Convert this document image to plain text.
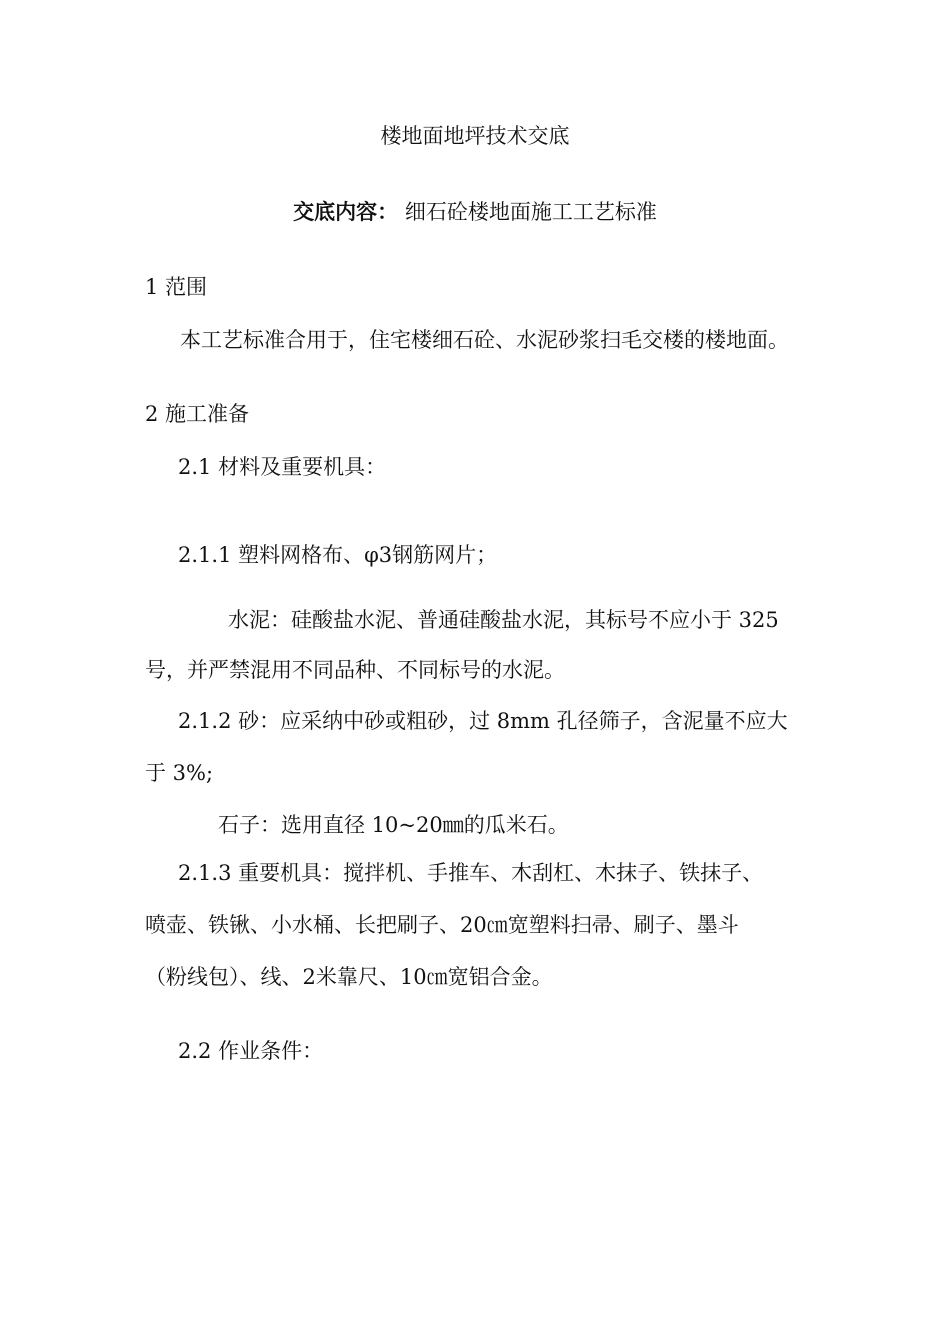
楼地面地坪技术交底
交底内容： 细石砼楼地面施工工艺标准
1 范围
本工艺标准合用于，住宅楼细石砼、水泥砂浆扫毛交楼的楼地面。
2 施工准备
2.1 材料及重要机具：
2.1.1 塑料网格布、φ3钢筋网片；
水泥：硅酸盐水泥、普通硅酸盐水泥，其标号不应小于 325
号，并严禁混用不同品种、不同标号的水泥。
2.1.2 砂：应采纳中砂或粗砂，过 8mm 孔径筛子，含泥量不应大
于 3%;
石子：选用直径 10~20㎜的瓜米石。
2.1.3 重要机具：搅拌机、手推车、木刮杠、木抹子、铁抹子、
喷壶、铁锹、小水桶、长把刷子、20㎝宽塑料扫帚、刷子、墨斗
（粉线包）、线、2米靠尺、10㎝宽铝合金。
2.2 作业条件：
